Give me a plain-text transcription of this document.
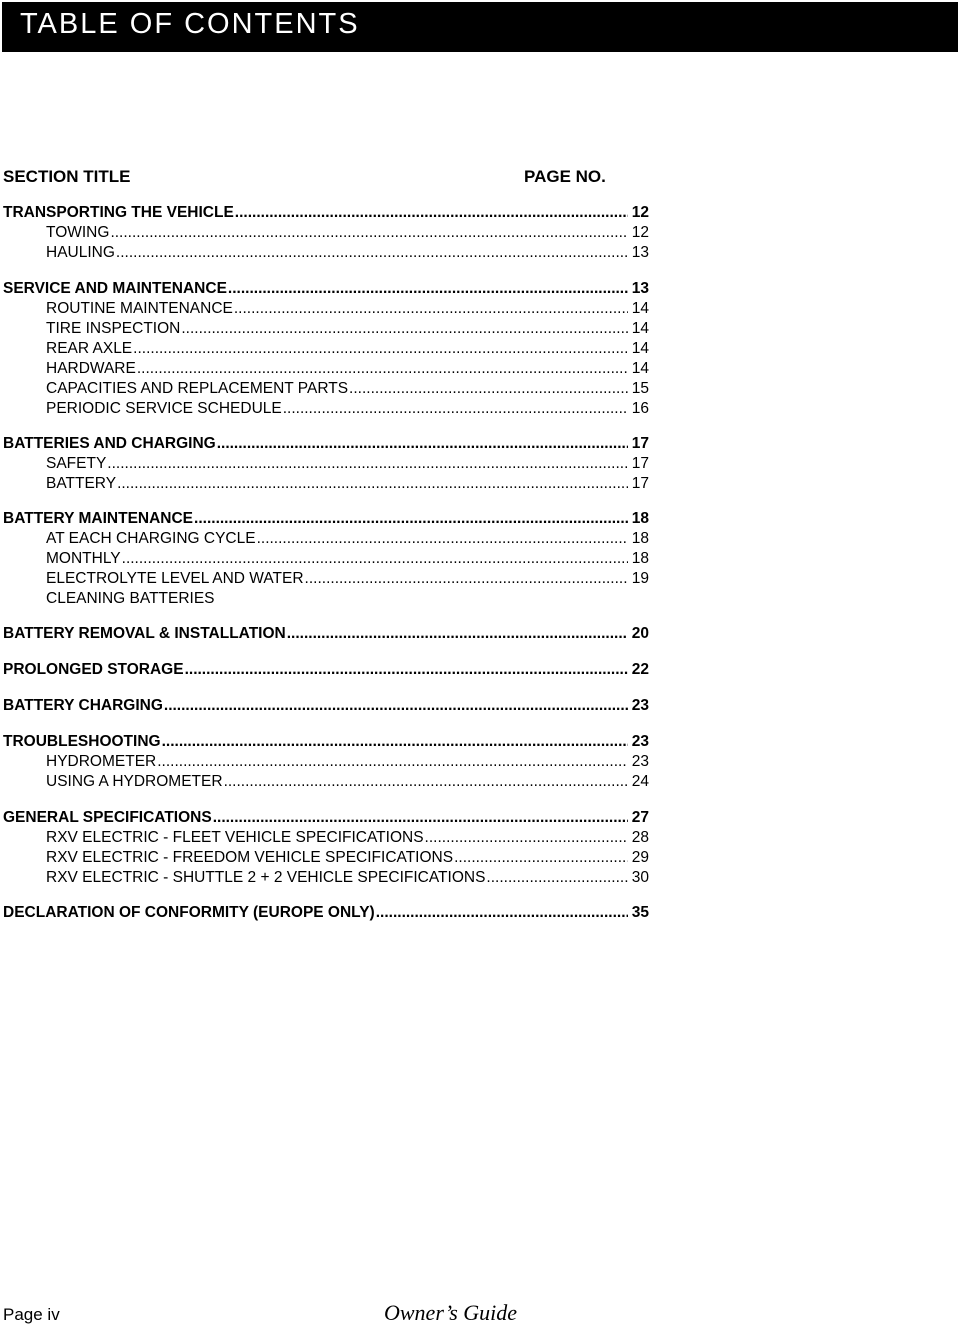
TABLE OF CONTENTS
SECTION TITLE	PAGE NO.
TRANSPORTING THE VEHICLE .....	12
TOWING .....	12
HAULING .....	13
SERVICE AND MAINTENANCE .....	13
ROUTINE MAINTENANCE .....	14
TIRE INSPECTION .....	14
REAR AXLE .....	14
HARDWARE .....	14
CAPACITIES AND REPLACEMENT PARTS .....	15
PERIODIC SERVICE SCHEDULE .....	16
BATTERIES AND CHARGING .....	17
SAFETY .....	17
BATTERY .....	17
BATTERY MAINTENANCE .....	18
AT EACH CHARGING CYCLE .....	18
MONTHLY .....	18
ELECTROLYTE LEVEL AND WATER .....	19
CLEANING BATTERIES
BATTERY REMOVAL & INSTALLATION .....	20
PROLONGED STORAGE .....	22
BATTERY CHARGING .....	23
TROUBLESHOOTING .....	23
HYDROMETER .....	23
USING A HYDROMETER .....	24
GENERAL SPECIFICATIONS .....	27
RXV ELECTRIC - FLEET VEHICLE SPECIFICATIONS .....	28
RXV ELECTRIC - FREEDOM VEHICLE SPECIFICATIONS .....	29
RXV ELECTRIC - SHUTTLE 2 + 2 VEHICLE SPECIFICATIONS .....	30
DECLARATION OF CONFORMITY (EUROPE ONLY) .....	35
Page iv	Owner’s Guide
